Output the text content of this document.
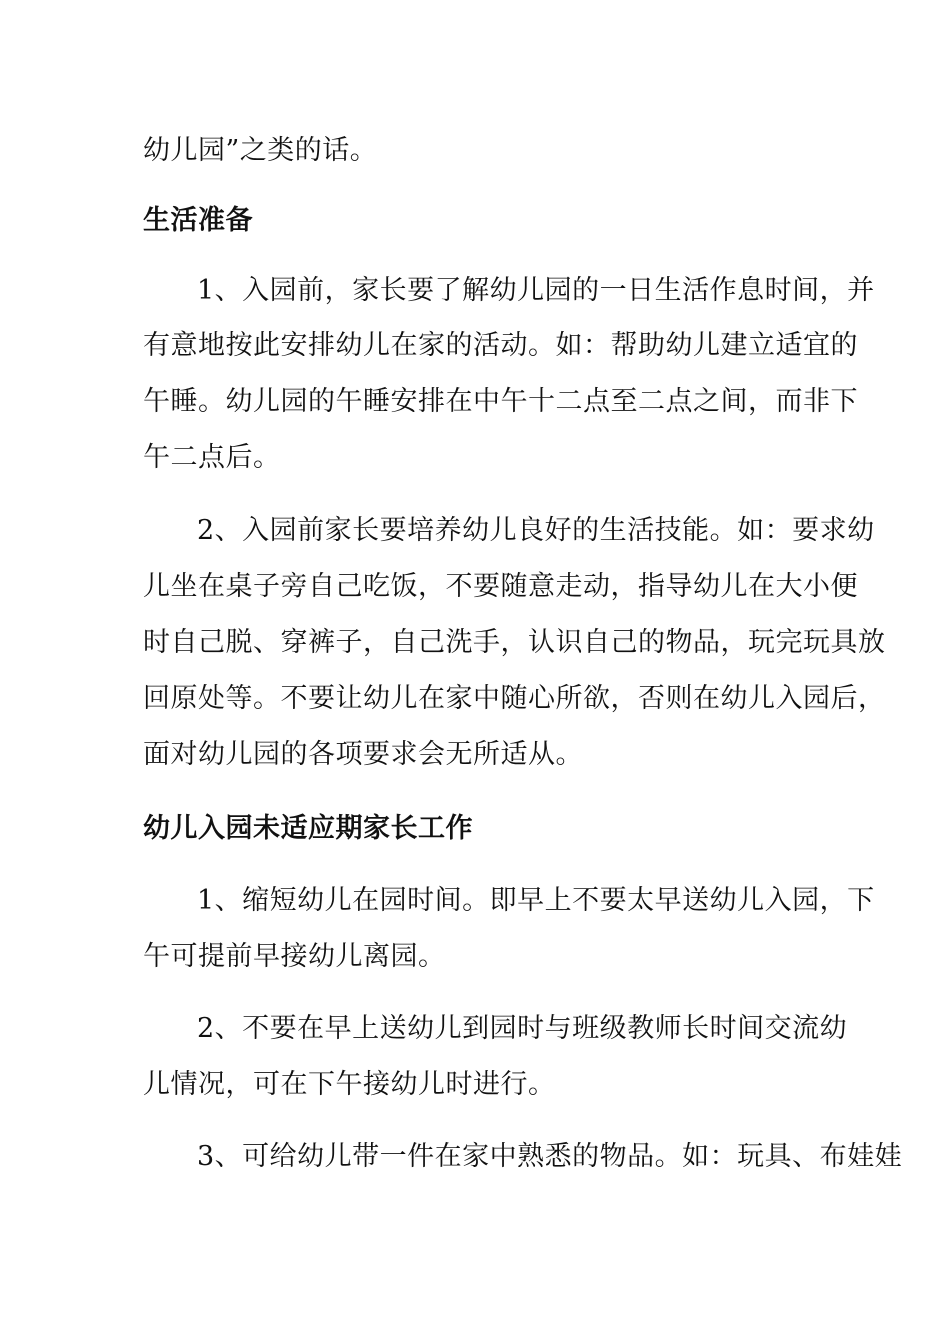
幼儿园”之类的话。
生活准备
1、入园前，家长要了解幼儿园的一日生活作息时间，并
有意地按此安排幼儿在家的活动。如：帮助幼儿建立适宜的
午睡。幼儿园的午睡安排在中午十二点至二点之间，而非下
午二点后。
2、入园前家长要培养幼儿良好的生活技能。如：要求幼
儿坐在桌子旁自己吃饭，不要随意走动，指导幼儿在大小便
时自己脱、穿裤子，自己洗手，认识自己的物品，玩完玩具放
回原处等。不要让幼儿在家中随心所欲，否则在幼儿入园后，
面对幼儿园的各项要求会无所适从。
幼儿入园未适应期家长工作
1、缩短幼儿在园时间。即早上不要太早送幼儿入园，下
午可提前早接幼儿离园。
2、不要在早上送幼儿到园时与班级教师长时间交流幼
儿情况，可在下午接幼儿时进行。
3、可给幼儿带一件在家中熟悉的物品。如：玩具、布娃娃
